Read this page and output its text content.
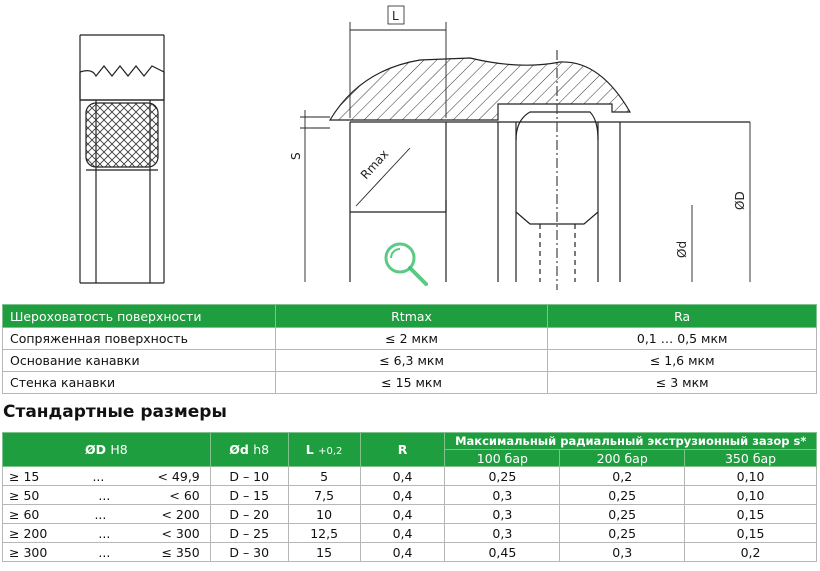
L
S	Rmax
ØD
Ød
Шероховатость поверхности	Rtmax	Ra
Сопряженная поверхность	≤ 2 мкм	0,1 … 0,5 мкм
Основание канавки	≤ 6,3 мкм	≤ 1,6 мкм
Стенка канавки	≤ 15 мкм	≤ 3 мкм
Стандартные размеры
ØD H8	Ød h8	L +0,2	R	Максимальный радиальный экструзионный зазор s*		
				100 бар	200 бар	350 бар

≥ 15 ... < 49,9	D – 10	5	0,4	0,25	0,2	0,10

≥ 50 ... < 60	D – 15	7,5	0,4	0,3	0,25	0,10

≥ 60 ... < 200	D – 20	10	0,4	0,3	0,25	0,15

≥ 200 ... < 300	D – 25	12,5	0,4	0,3	0,25	0,15

≥ 300 ... ≤ 350	D – 30	15	0,4	0,45	0,3	0,2
